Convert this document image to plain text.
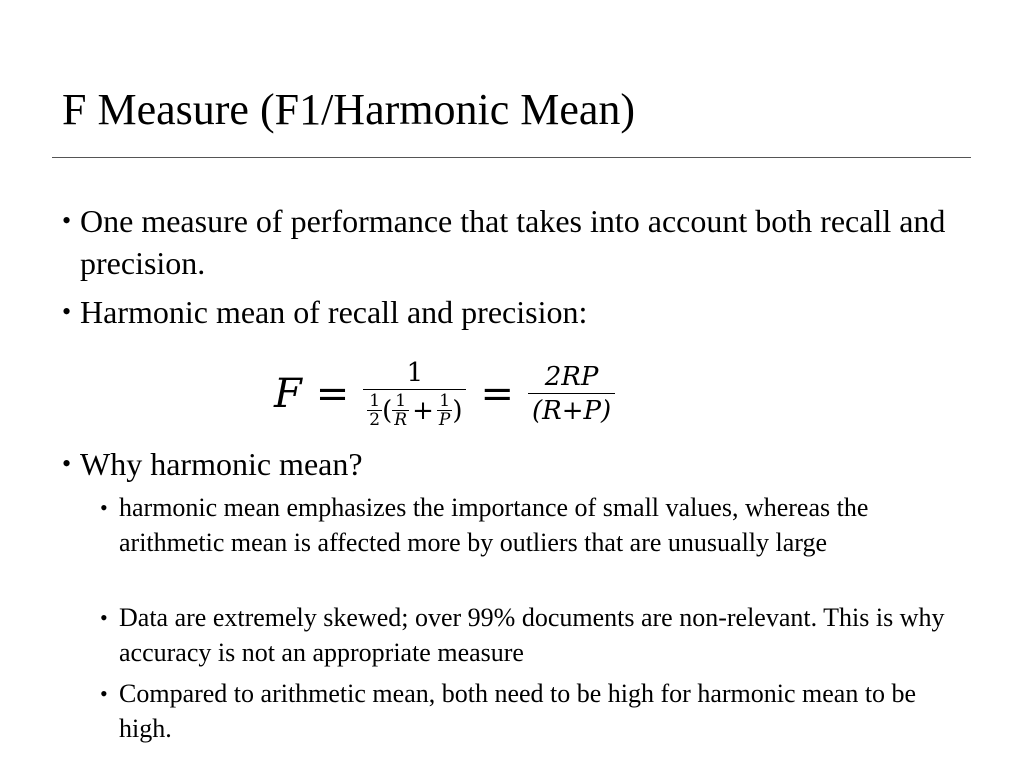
F Measure (F1/Harmonic Mean)

• One measure of performance that takes into account both recall and precision.

• Harmonic mean of recall and precision:

F = 1
$\frac{1}{2}$ ( $\frac{1}{R} + \frac{1}{P}$ ) = $\frac{2RP}{(R+P)}$

• Why harmonic mean?

• harmonic mean emphasizes the importance of small values, whereas the arithmetic mean is affected more by outliers that are unusually large

• Data are extremely skewed; over 99% documents are non-relevant. This is why accuracy is not an appropriate measure

• Compared to arithmetic mean, both need to be high for harmonic mean to be high.
